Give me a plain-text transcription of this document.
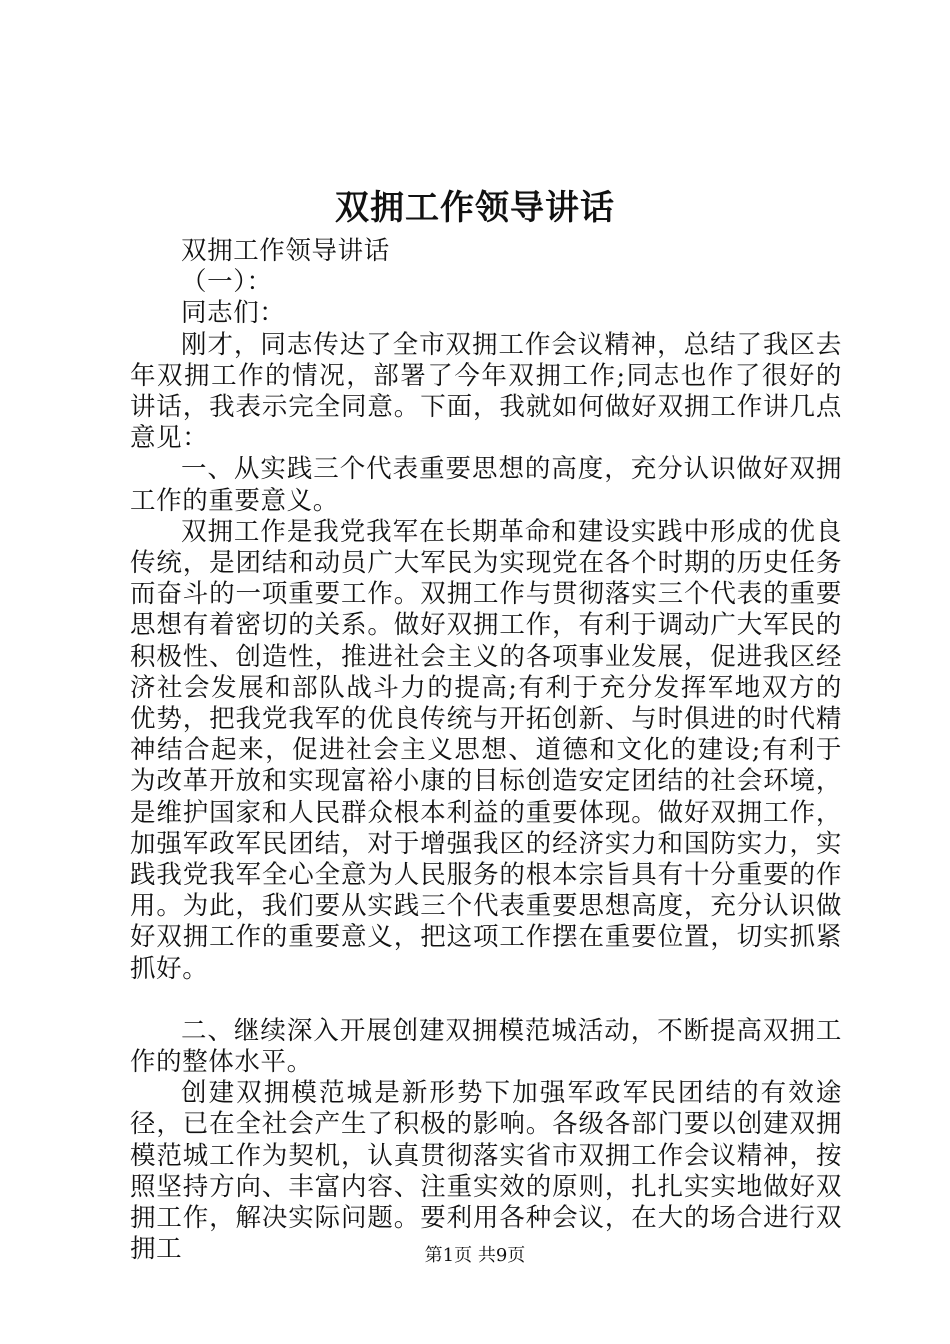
双拥工作领导讲话

双拥工作领导讲话

（一）：

同志们：

刚才，同志传达了全市双拥工作会议精神，总结了我区去年双拥工作的情况，部署了今年双拥工作;同志也作了很好的讲话，我表示完全同意。下面，我就如何做好双拥工作讲几点意见：

一、从实践三个代表重要思想的高度，充分认识做好双拥工作的重要意义。

双拥工作是我党我军在长期革命和建设实践中形成的优良传统，是团结和动员广大军民为实现党在各个时期的历史任务而奋斗的一项重要工作。双拥工作与贯彻落实三个代表的重要思想有着密切的关系。做好双拥工作，有利于调动广大军民的积极性、创造性，推进社会主义的各项事业发展，促进我区经济社会发展和部队战斗力的提高;有利于充分发挥军地双方的优势，把我党我军的优良传统与开拓创新、与时俱进的时代精神结合起来，促进社会主义思想、道德和文化的建设;有利于为改革开放和实现富裕小康的目标创造安定团结的社会环境，是维护国家和人民群众根本利益的重要体现。做好双拥工作，加强军政军民团结，对于增强我区的经济实力和国防实力，实践我党我军全心全意为人民服务的根本宗旨具有十分重要的作用。为此，我们要从实践三个代表重要思想高度，充分认识做好双拥工作的重要意义，把这项工作摆在重要位置，切实抓紧抓好。

二、继续深入开展创建双拥模范城活动，不断提高双拥工作的整体水平。

创建双拥模范城是新形势下加强军政军民团结的有效途径，已在全社会产生了积极的影响。各级各部门要以创建双拥模范城工作为契机，认真贯彻落实省市双拥工作会议精神，按照坚持方向、丰富内容、注重实效的原则，扎扎实实地做好双拥工作，解决实际问题。要利用各种会议，在大的场合进行双拥工	第1页 共9页
